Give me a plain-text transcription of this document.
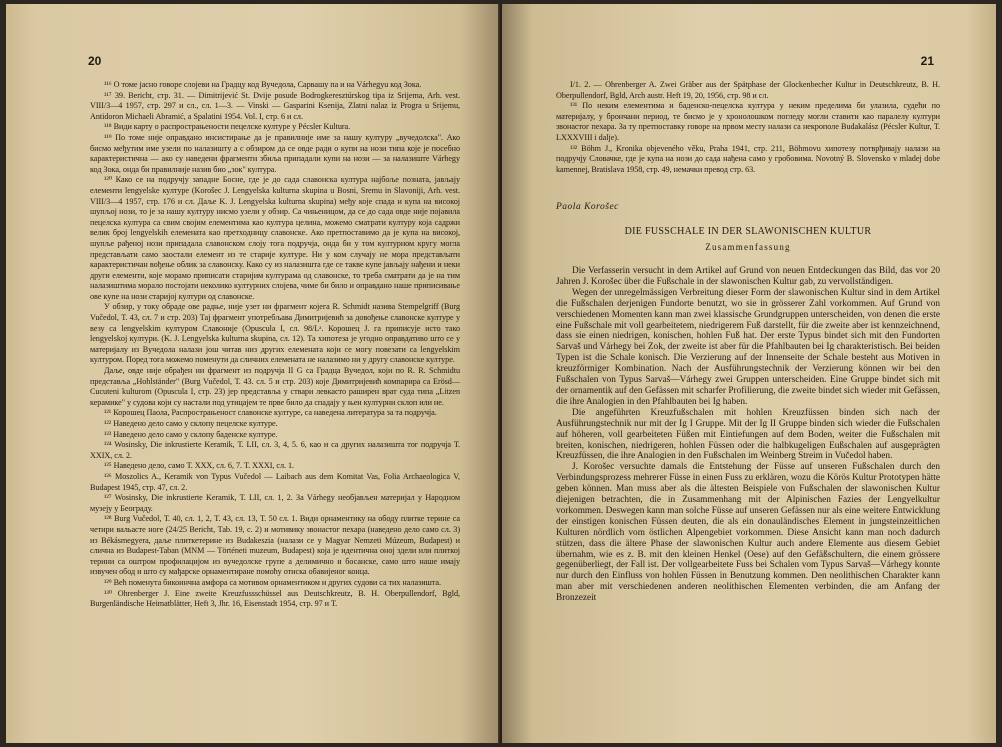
20

¹¹⁶ О томе јасно говоре слојеви на Градцу код Вучедола, Сарвашу па и на Várhegyu код Зока.

¹¹⁷ 39. Bericht, стр. 31. — Dimitrijević St. Dvije posude Bodrogkeresztúrskog tipa iz Srijema, Arh. vest. VIII/3—4 1957, стр. 297 и сл., сл. 1—3. — Vinski — Gasparini Ksenija, Zlatni nalaz iz Progra u Srijemu, Antidoron Michaeli Abramić, a Spalatini 1954. Vol. I, стр. 6 и сл.

¹¹⁸ Види карту о распрострањености пецелске културе у Pécsler Kultura.

¹¹⁹ По томе није оправдано инсистирање да је правилније име за нашу културу „вучедолска". Ако бисмо међутим име узели по налазишту а с обзиром да се овде ради о купи на нози типа које је посебно карактеристична — ако су наведени фрагменти збиља припадали купи на нози — за налазиште Várhegy код Зока, онда би правилније назив био „зок" култура.

¹²⁰ Како се на подручју западне Босне, где је до сада славонска култура најбоље позната, јављају елементи lengyelske културе (Korošec J. Lengyelska kulturna skupina u Bosni, Sremu in Slavoniji, Arh. vest. VIII/3—4 1957, стр. 176 и сл. Даље K. J. Lengyelska kulturna skupina) међу које спада и купа на високој шупљој нози, то је за нашу културу нисмо узели у обзир. Са чињеницом, да се до сада овде није појавила пецелска култура са свим својим елементима као култура целина, можемо сматрати културу која садржи велик број lengyelskih елемената као претходницу славонске. Ако претпоставимо да је купа на високој, шупље рађеној нози припадала славонском слоју тога подручја, онда би у том културном кругу могла представљати само заостали елемент из те старије културе. Ни у ком случају не мора представљати карактеристичан вођење облик за славонску. Како су из налазишта где се такве купе јављају нађени и неки други елементи, које морамо приписати старијим културама од славонске, то треба сматрати да је на тим налазиштима морало постојати неколико културних слојева, чиме би било и оправдано наше приписивање ове купе на нози старијој култури од славонске.

У обзир, у току обраде ове радње, није узет ни фрагмент којега R. Schmidt назива Stempelgriff (Burg Vučedol, Т. 43, сл. 7 и стр. 203) Тај фрагмент употребљава Димитријевић за довођење славонске културе у везу са lengyelskim културом Славоније (Opuscula I, сл. 98/Lᵃ. Корошец Ј. га приписује исто тако lengyelskoj култури. (K. J. Lengyelska kulturna skupina, сл. 12). Та хипотеза је угодно оправдативо што се у материјалу из Вучедола налази још читав низ других елемената који се могу повезати са lengyelskim културом. Поред тога можемо поменути да сличних елемената не налазимо ни у другу славонске културе.

Даље, овде није обрађен ни фрагмент из подручја II G са Градца Вучедол, који по R. R. Schmidtu представља „Hohlständer" (Burg Vučedol, Т. 43. сл. 5 и стр. 203) које Димитријевић компарира са Erösd—Cucuteni kulturom (Opuscula I, стр. 23) јер представља у ствари левкасто раширен врат суда типа „Litzen керамике" у судова који су настали под утицајем те прве било да спадају у њен културни склоп или не.

¹²¹ Корошец Паола, Распрострањеност славонске културе, са наведена литература за та подручја.

¹²² Наведено дело само у склопу пецелске културе.

¹²³ Наведено дело само у склопу баденске културе.

¹²⁴ Wosinsky, Die inkrustierte Keramik, Т. LII, сл. 3, 4, 5. 6, као и са других налазишта тог подручја Т. XXIX, сл. 2.

¹²⁵ Наведено дело, само Т. XXX, сл. 6, 7. Т. XXXI, сл. 1.

¹²⁶ Moszolics A., Keramik von Typus Vučedol — Laibach aus dem Komitat Vas, Folia Archaeologica V, Budapest 1945, стр. 47, сл. 2.

¹²⁷ Wosinsky, Die inkrustierte Keramik, Т. LII, сл. 1, 2. За Várhegy необјављен материјал у Народном музеју у Београду.

¹²⁸ Burg Vučedol, Т. 40, сл. 1, 2, Т. 43, сл. 13, Т. 50 сл. 1. Види орнаментику на ободу плитке терине са четири вальасте ноге (24/25 Bericht, Таb. 19, с. 2) и мотивику звонастог пехара (наведено дело само сл. 3) из Békásmegyera, даље плиткетерине из Budakeszia (налази се у Magyar Nemzeti Múzeum, Budapest) и слична из Budapest-Taban (MNM — Történeti muzeum, Budapest) која је идентична оној здели или плиткој терини са оштром профилацијом из вучедолске групе а делимично и босанске, само што наше имају извучен обод и што су мађарске орнаментиране помоћу отиска обавијеног конца.

¹²⁹ Већ поменута бикоинчна амфора са мотивом орнаментиком и других судови са тих налазишта.

¹³⁰ Ohrenberger J. Eine zweite Kreuzfussschüssel aus Deutschkreutz, B. H. Oberpullendorf, Bgld, Burgenländische Heimatblätter, Heft 3, Jhr. 16, Eisenstadt 1954, стр. 97 и Т.

21

I/1. 2. — Ohrenberger A. Zwei Gräber aus der Spätphase der Glockenbecher Kultur in Deutschkreutz, B. H. Oberpullendorf, Bgld, Arch austr. Heft 19, 20, 1956, стр. 98 и сл.

¹³¹ По неким елементима и баденско-пецелска култура у неким пределима би улазила, судећи по материјалу, у брончани период, те бисмо је у хронолошком погледу могли ставити као паралелу култури звонастог пехара. За ту претпоставку говоре на првом месту налази са некрополе Budakalász (Pécsler Kultur, Т. LXXXVIII і dalje).

¹³² Böhm J., Kronika objeveného věku, Praha 1941, стр. 211, Böhmovu хипотезу потврђивају налази на подручју Словачке, где је купа на нози до сада нађена само у гробовима. Novotný B. Slovensko v mladej dobe kamennej, Bratislava 1958, стр. 49, немачки превод стр. 63.

Paola Korošec
DIE FUSSCHALE IN DER SLAWONISCHEN KULTUR
Zusammenfassung

Die Verfasserin versucht in dem Artikel auf Grund von neuen Entdeckungen das Bild, das vor 20 Jahren J. Korošec über die Fußschale in der slawonischen Kultur gab, zu vervollständigen.

Wegen der unregelmässigen Verbreitung dieser Form der slawonischen Kultur sind in dem Artikel die Fußschalen derjenigen Fundorte benutzt, wo sie in grösserer Zahl vorkommen. Auf Grund von verschiedenen Momenten kann man zwei klassische Grundgruppen unterscheiden, von denen die erste eine Fußschale mit voll gearbeitetem, niedrigerem Fuß darstellt, für die zweite aber ist kennzeichnend, dass sie einen niedrigen, konischen, hohlen Fuß hat. Der erste Typus bindet sich mit den Fundorten Sarvaš und Várhegy bei Zok, der zweite ist aber für die Pfahlbauten bei Ig charakteristisch. Bei beiden Typen ist die Schale konisch. Die Verzierung auf der Innenseite der Schale besteht aus Motiven in kreuzförmiger Kombination. Nach der Ausführungstechnik der Verzierung können wir bei den Fußschalen von Typus Sarvaš—Várhegy zwei Gruppen unterscheiden. Eine Gruppe bindet sich mit der ornamentik auf den Gefässen mit scharfer Profilierung, die zweite bindet sich wieder mit Gefässen, die ihre Analogien in den Pfahlbauten bei Ig haben.

Die angeführten Kreuzfußschalen mit hohlen Kreuzfüssen binden sich nach der Ausführungstechnik nur mit der Ig I Gruppe. Mit der Ig II Gruppe binden sich wieder die Fußschalen auf höheren, voll gearbeiteten Füßen mit Eintiefungen auf dem Boden, weiter die Fußschalen mit breiten, konischen, niedrigeren, hohlen Füssen oder die halbkugeligen Eußschalen auf ausgeprägten Kreuzfüssen, die ihre Analogien in den Fußschalen im Weinberg Streim in Vučedol haben.

J. Korošec versuchte damals die Entstehung der Füsse auf unseren Fußschalen durch den Verbindungsprozess mehrerer Füsse in einen Fuss zu erklären, wozu die Körös Kultur Prototypen hätte geben können. Man muss aber als die ältesten Beispiele von Fußschalen der slawonischen Kultur diejenigen betrachten, die in Zusammenhang mit der Alpinischen Fazies der Lengyelkultur vorkommen. Deswegen kann man solche Füsse auf unseren Gefässen nur als eine weitere Entwicklung der einstigen konischen Füssen deuten, die als ein donauländisches Element in jungsteinzeitlichen Kulturen nördlich vom östlichen Alpengebiet vorkommen. Diese Ansicht kann man noch dadurch stützen, dass die ältere Phase der slawonischen Kultur auch andere Elemente aus diesem Gebiet übernahm, wie es z. B. mit den kleinen Henkel (Oese) auf den Gefäßschultern, die einem grössere gegenüberliegt, der Fall ist. Der vollgearbeitete Fuss bei Schalen vom Typus Sarvaš—Várhegy konnte nur durch den Einfluss von hohlen Füssen in Benutzung kommen. Den neolithischen Charakter kann man aber mit verschiedenen anderen neolithischen Elementen verbinden, die am Anfang der Bronzezeit
